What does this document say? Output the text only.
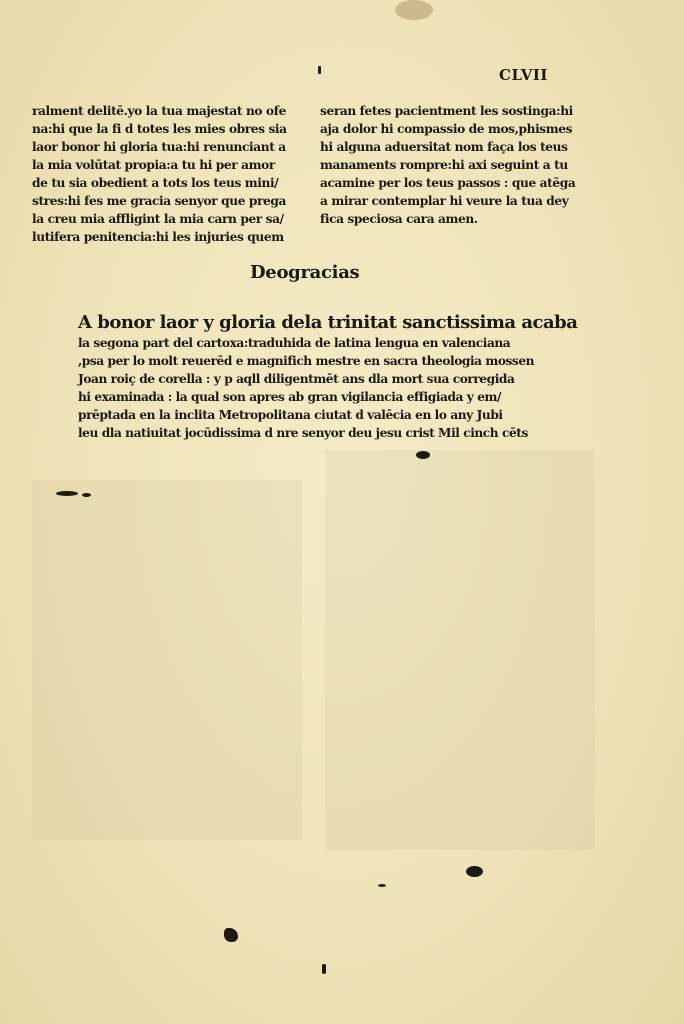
CLVII
ralment delitē.yo la tua majestat no ofe
na:hi que la fi d totes les mies obres sia
laor bonor hi gloria tua:hi renunciant a
la mia volūtat propia:a tu hi per amor
de tu sia obedient a tots los teus mini/
stres:hi fes me gracia senyor que prega
la creu mia affligint la mia carn per sa/
lutifera penitencia:hi les injuries quem
seran fetes pacientment les sostinga:hi
aja dolor hi compassio de mos,phismes
hi alguna aduersitat nom faça los teus
manaments rompre:hi axi seguint a tu
acamine per los teus passos : que atēga
a mirar contemplar hi veure la tua dey
fica speciosa cara amen.
Deogracias
A bonor laor y gloria dela trinitat sanctissima acaba
la segona part del cartoxa:traduhida de latina lengua en valenciana
,psa per lo molt reuerēd e magnifich mestre en sacra theologia mossen
Joan roiç de corella : y p aqll diligentmēt ans dla mort sua corregida
hi examinada : la qual son apres ab gran vigilancia effigiada y em/
prēptada en la inclita Metropolitana ciutat d valēcia en lo any Jubi
leu dla natiuitat jocūdissima d nre senyor deu jesu crist Mil cinch cēts
